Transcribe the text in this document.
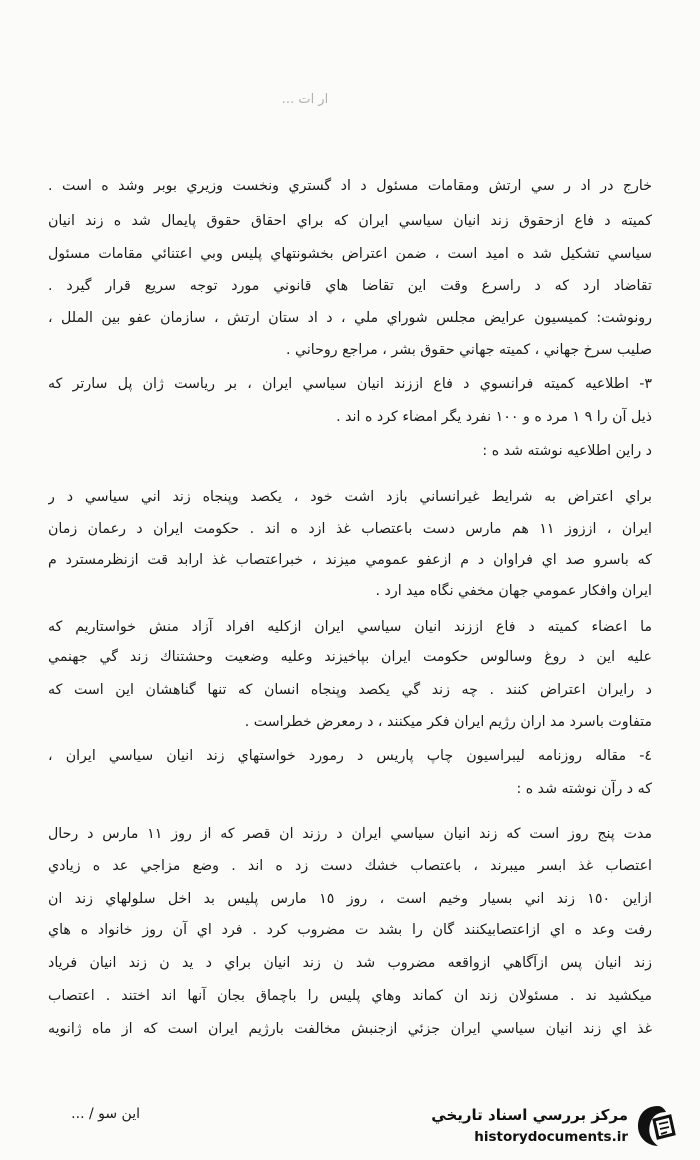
ار ات ...
خارج در اد ر سي ارتش ومقامات مسئول د اد گستري ونخست وزيري بوبر وشد ه است .
كميته د فاع ازحقوق زند انيان سياسي ايران كه براي احقاق حقوق پايمال شد ه زند انيان
سياسي تشكيل شد ه اميد است ، ضمن اعتراض بخشونتهاي پليس وبي اعتنائي مقامات مسئول
تقاضاد ارد كه د راسرع وقت اين تقاضا هاي قانوني مورد توجه سريع قرار گيرد .
رونوشت: كميسيون عرايض مجلس شوراي ملي ، د اد ستان ارتش ، سازمان عفو بين الملل ،
صليب سرخ جهاني ، كميته جهاني حقوق بشر ، مراجع روحاني .
٣- اطلاعيه كميته فرانسوي د فاع اززند انيان سياسي ايران ، بر رياست ژان پل سارتر كه
ذيل آن را ٩ ١ مرد ه و ١٠٠ نفرد يگر امضاء كرد ه اند .
د راين اطلاعيه نوشته شد ه :
براي اعتراض به شرايط غيرانساني بازد اشت خود ، يكصد وپنجاه زند اني سياسي د ر
ايران ، اززوز ١١ هم مارس دست باعتصاب غذ ازد ه اند . حكومت ايران د رعمان زمان
كه باسرو صد اي فراوان د م ازعفو عمومي ميزند ، خبراعتصاب غذ ارابد قت ازنظرمسترد م
ايران وافكار عمومي جهان مخفي نگاه ميد ارد .
ما اعضاء كميته د فاع اززند انيان سياسي ايران ازكليه افراد آزاد منش خواستاريم كه
عليه اين د روغ وسالوس حكومت ايران بپاخيزند وعليه وضعيت وحشتناك زند گي جهنمي
د رايران اعتراض كنند . چه زند گي يكصد وپنجاه انسان كه تنها گناهشان اين است كه
متفاوت باسرد مد اران رژيم ايران فكر ميكنند ، د رمعرض خطراست .
٤- مقاله روزنامه ليبراسيون چاپ پاريس د رمورد خواستهاي زند انيان سياسي ايران ،
كه د رآن نوشته شد ه :
مدت پنج روز است كه زند انيان سياسي ايران د رزند ان قصر كه از روز ١١ مارس د رحال
اعتصاب غذ ابسر ميبرند ، باعتصاب خشك دست زد ه اند . وضع مزاجي عد ه زيادي
ازاين ١٥٠ زند اني بسيار وخيم است ، روز ١٥ مارس پليس بد اخل سلولهاي زند ان
رفت وعد ه اي ازاعتصابيكنند گان را بشد ت مضروب كرد . فرد اي آن روز خانواد ه هاي
زند انيان پس ازآگاهي ازواقعه مضروب شد ن زند انيان براي د يد ن زند انيان فرياد
ميكشيد ند . مسئولان زند ان كماند وهاي پليس را باچماق بجان آنها اند اختند . اعتصاب
غذ اي زند انيان سياسي ايران جزئي ازجنبش مخالفت بارژيم ايران است كه از ماه ژانويه
اين سو / ...	مركز بررسي اسناد تاريخي
historydocuments.ir
